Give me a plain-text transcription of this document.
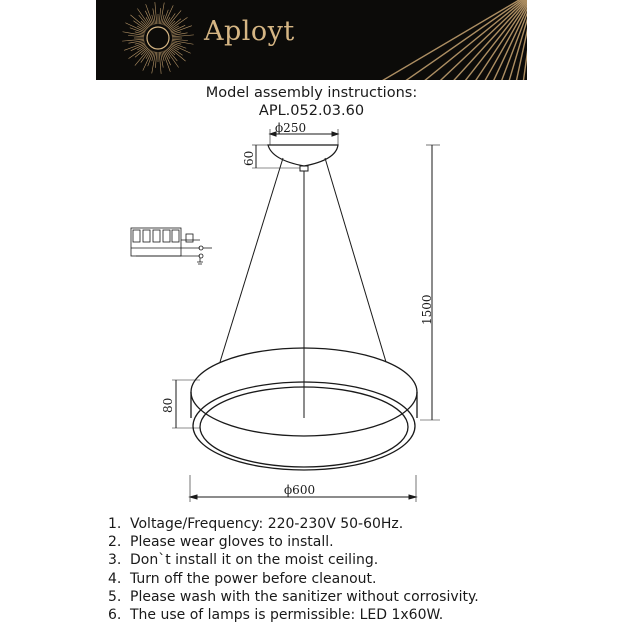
Aployt
Model assembly instructions:
APL.052.03.60
ϕ250
60
1500
80
ϕ600
1. Voltage/Frequency: 220-230V 50-60Hz.
2. Please wear gloves to install.
3. Don`t install it on the moist ceiling.
4. Turn off the power before cleanout.
5. Please wash with the sanitizer without corrosivity.
6. The use of lamps is permissible: LED 1x60W.
